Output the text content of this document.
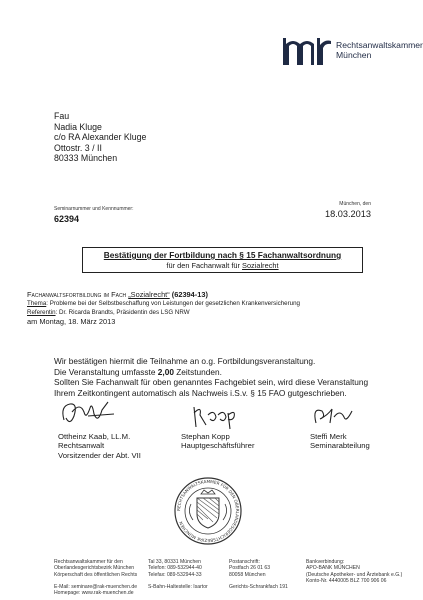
Rechtsanwaltskammer
München
Fau
Nadia Kluge
c/o RA Alexander Kluge
Ottostr. 3 / II
80333 München
Seminarnummer und Kennnummer:
62394
München, den
18.03.2013
Bestätigung der Fortbildung nach § 15 Fachanwaltsordnung
für den Fachanwalt für Sozialrecht
Fachanwaltsfortbildung im Fach „Sozialrecht“ (62394-13)
Thema: Probleme bei der Selbstbeschaffung von Leistungen der gesetzlichen Krankenversicherung
Referentin: Dr. Ricarda Brandts, Präsidentin des LSG NRW
am Montag, 18. März 2013
Wir bestätigen hiermit die Teilnahme an o.g. Fortbildungsveranstaltung.
Die Veranstaltung umfasste 2,00 Zeitstunden.
Sollten Sie Fachanwalt für oben genanntes Fachgebiet sein, wird diese Veranstaltung
Ihrem Zeitkontingent automatisch als Nachweis i.S.v. § 15 FAO gutgeschrieben.
Ottheinz Kaab, LL.M.
Rechtsanwalt
Vorsitzender der Abt. VII
Stephan Kopp
Hauptgeschäftsführer
Steffi Merk
Seminarabteilung
RECHTSANWALTSKAMMER FÜR DEN OBERLANDESGERICHTSBEZIRK MÜNCHEN
Rechtsanwaltskammer für den
Oberlandesgerichtsbezirk München
Körperschaft des öffentlichen Rechts
E-Mail: seminare@rak-muenchen.de
Homepage: www.rak-muenchen.de
Tal 33, 80331 München
Telefon: 089-532944-40
Telefax: 089-532944-33
S-Bahn-Haltestelle: Isartor
Postanschrift:
Postfach 26 01 63
80058 München
Gerichts-Schrankfach 191
Bankverbindung:
APO-BANK MÜNCHEN
(Deutsche Apotheker- und Ärztebank e.G.)
Konto-Nr. 4440005 BLZ 700 906 06
